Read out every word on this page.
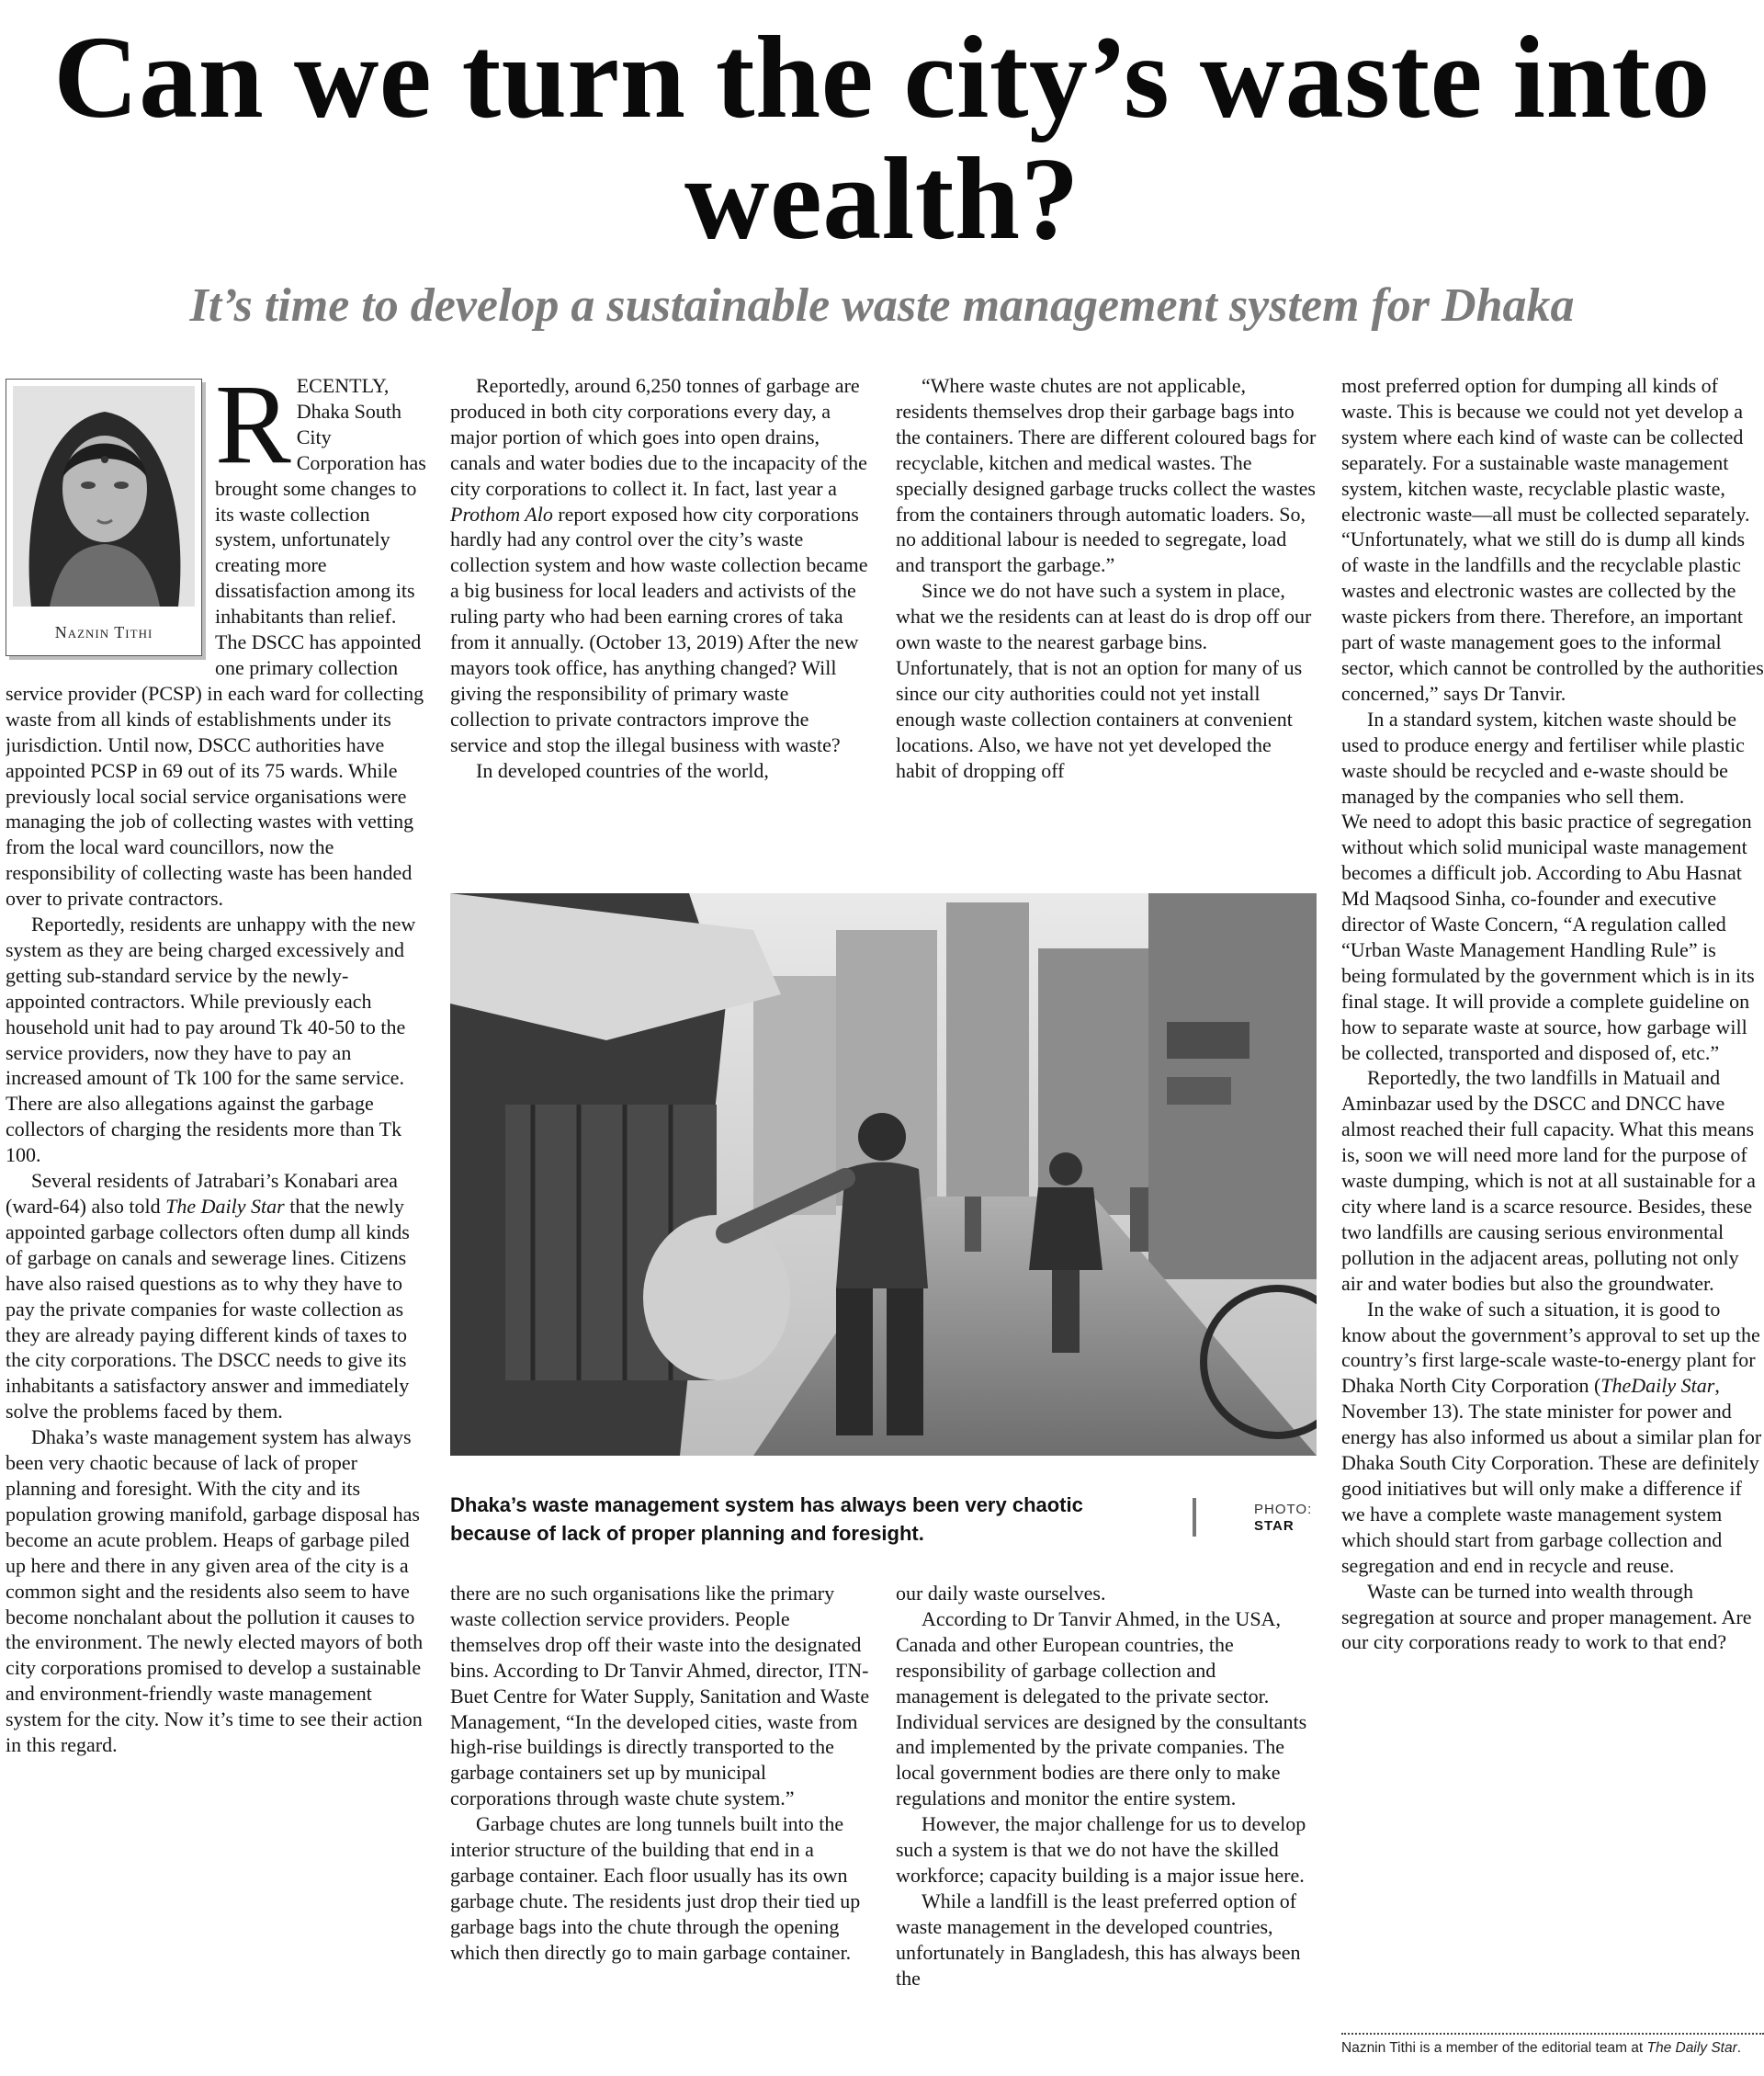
Can we turn the city’s waste into wealth?
It’s time to develop a sustainable waste management system for Dhaka
Naznin Tithi

RECENTLY, Dhaka South City Corporation has brought some changes to its waste collection system, unfortunately creating more dissatisfaction among its inhabitants than relief. The DSCC has appointed one primary collection service provider (PCSP) in each ward for collecting waste from all kinds of establishments under its jurisdiction. Until now, DSCC authorities have appointed PCSP in 69 out of its 75 wards. While previously local social service organisations were managing the job of collecting wastes with vetting from the local ward councillors, now the responsibility of collecting waste has been handed over to private contractors.

Reportedly, residents are unhappy with the new system as they are being charged excessively and getting sub-standard service by the newly-appointed contractors. While previously each household unit had to pay around Tk 40-50 to the service providers, now they have to pay an increased amount of Tk 100 for the same service. There are also allegations against the garbage collectors of charging the residents more than Tk 100.

Several residents of Jatrabari’s Konabari area (ward-64) also told The Daily Star that the newly appointed garbage collectors often dump all kinds of garbage on canals and sewerage lines. Citizens have also raised questions as to why they have to pay the private companies for waste collection as they are already paying different kinds of taxes to the city corporations. The DSCC needs to give its inhabitants a satisfactory answer and immediately solve the problems faced by them.

Dhaka’s waste management system has always been very chaotic because of lack of proper planning and foresight. With the city and its population growing manifold, garbage disposal has become an acute problem. Heaps of garbage piled up here and there in any given area of the city is a common sight and the residents also seem to have become nonchalant about the pollution it causes to the environment. The newly elected mayors of both city corporations promised to develop a sustainable and environment-friendly waste management system for the city. Now it’s time to see their action in this regard.

Reportedly, around 6,250 tonnes of garbage are produced in both city corporations every day, a major portion of which goes into open drains, canals and water bodies due to the incapacity of the city corporations to collect it. In fact, last year a Prothom Alo report exposed how city corporations hardly had any control over the city’s waste collection system and how waste collection became a big business for local leaders and activists of the ruling party who had been earning crores of taka from it annually. (October 13, 2019) After the new mayors took office, has anything changed? Will giving the responsibility of primary waste collection to private contractors improve the service and stop the illegal business with waste?

In developed countries of the world,

“Where waste chutes are not applicable, residents themselves drop their garbage bags into the containers. There are different coloured bags for recyclable, kitchen and medical wastes. The specially designed garbage trucks collect the wastes from the containers through automatic loaders. So, no additional labour is needed to segregate, load and transport the garbage.”

Since we do not have such a system in place, what we the residents can at least do is drop off our own waste to the nearest garbage bins. Unfortunately, that is not an option for many of us since our city authorities could not yet install enough waste collection containers at convenient locations. Also, we have not yet developed the habit of dropping off

Dhaka’s waste management system has always been very chaotic because of lack of proper planning and foresight.
PHOTO:
STAR

there are no such organisations like the primary waste collection service providers. People themselves drop off their waste into the designated bins. According to Dr Tanvir Ahmed, director, ITN-Buet Centre for Water Supply, Sanitation and Waste Management, “In the developed cities, waste from high-rise buildings is directly transported to the garbage containers set up by municipal corporations through waste chute system.”

Garbage chutes are long tunnels built into the interior structure of the building that end in a garbage container. Each floor usually has its own garbage chute. The residents just drop their tied up garbage bags into the chute through the opening which then directly go to main garbage container.

our daily waste ourselves.

According to Dr Tanvir Ahmed, in the USA, Canada and other European countries, the responsibility of garbage collection and management is delegated to the private sector. Individual services are designed by the consultants and implemented by the private companies. The local government bodies are there only to make regulations and monitor the entire system.

However, the major challenge for us to develop such a system is that we do not have the skilled workforce; capacity building is a major issue here.

While a landfill is the least preferred option of waste management in the developed countries, unfortunately in Bangladesh, this has always been the

most preferred option for dumping all kinds of waste. This is because we could not yet develop a system where each kind of waste can be collected separately. For a sustainable waste management system, kitchen waste, recyclable plastic waste, electronic waste—all must be collected separately. “Unfortunately, what we still do is dump all kinds of waste in the landfills and the recyclable plastic wastes and electronic wastes are collected by the waste pickers from there. Therefore, an important part of waste management goes to the informal sector, which cannot be controlled by the authorities concerned,” says Dr Tanvir.

In a standard system, kitchen waste should be used to produce energy and fertiliser while plastic waste should be recycled and e-waste should be managed by the companies who sell them.

We need to adopt this basic practice of segregation without which solid municipal waste management becomes a difficult job. According to Abu Hasnat Md Maqsood Sinha, co-founder and executive director of Waste Concern, “A regulation called “Urban Waste Management Handling Rule” is being formulated by the government which is in its final stage. It will provide a complete guideline on how to separate waste at source, how garbage will be collected, transported and disposed of, etc.”

Reportedly, the two landfills in Matuail and Aminbazar used by the DSCC and DNCC have almost reached their full capacity. What this means is, soon we will need more land for the purpose of waste dumping, which is not at all sustainable for a city where land is a scarce resource. Besides, these two landfills are causing serious environmental pollution in the adjacent areas, polluting not only air and water bodies but also the groundwater.

In the wake of such a situation, it is good to know about the government’s approval to set up the country’s first large-scale waste-to-energy plant for Dhaka North City Corporation (TheDaily Star, November 13). The state minister for power and energy has also informed us about a similar plan for Dhaka South City Corporation. These are definitely good initiatives but will only make a difference if we have a complete waste management system which should start from garbage collection and segregation and end in recycle and reuse.

Waste can be turned into wealth through segregation at source and proper management. Are our city corporations ready to work to that end?

Naznin Tithi is a member of the editorial team at The Daily Star.
